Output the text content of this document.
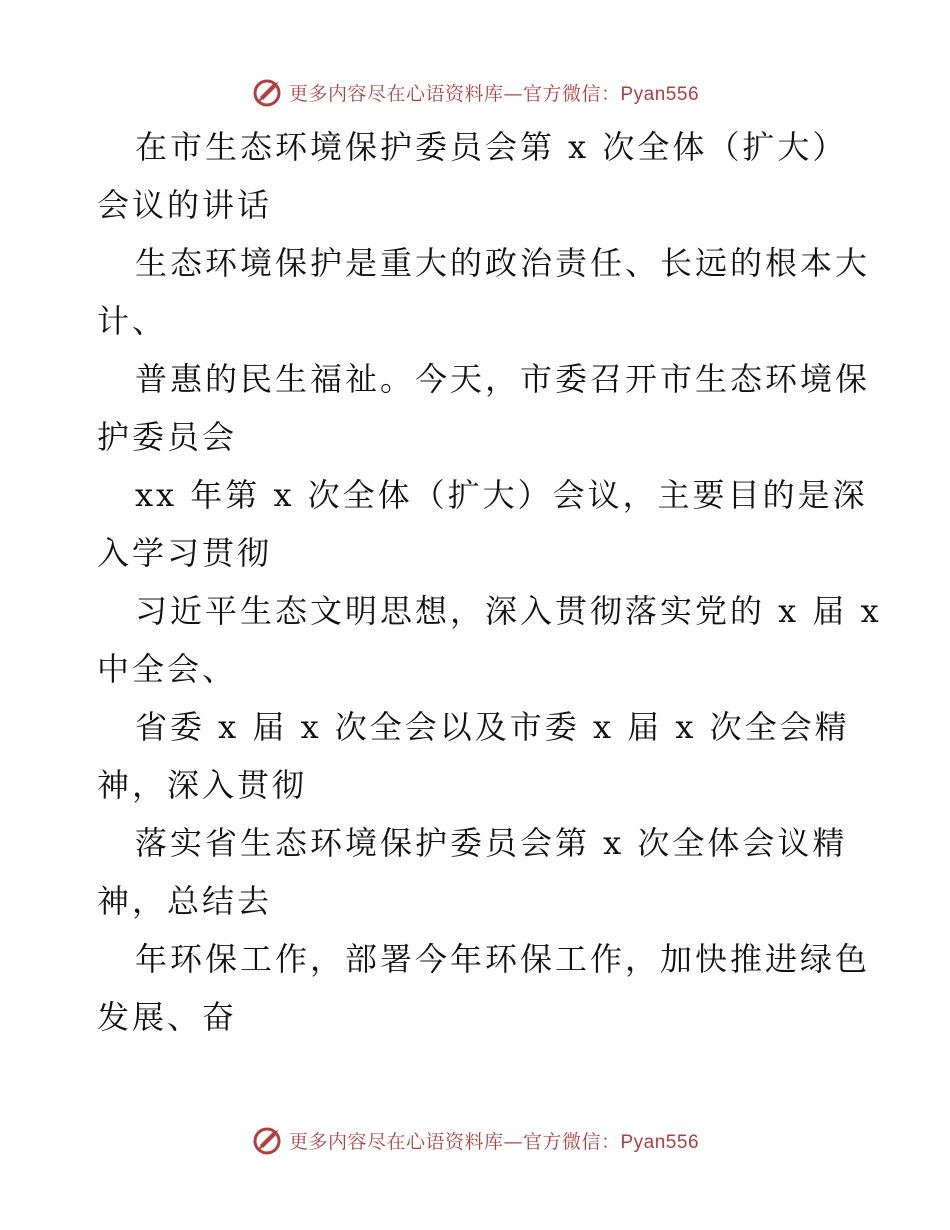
更多内容尽在心语资料库—官方微信：Pyan556
在市生态环境保护委员会第 x 次全体（扩大）
会议的讲话
生态环境保护是重大的政治责任、长远的根本大
计、
普惠的民生福祉。今天，市委召开市生态环境保
护委员会
xx 年第 x 次全体（扩大）会议，主要目的是深
入学习贯彻
习近平生态文明思想，深入贯彻落实党的 x 届 x
中全会、
省委 x 届 x 次全会以及市委 x 届 x 次全会精
神，深入贯彻
落实省生态环境保护委员会第 x 次全体会议精
神，总结去
年环保工作，部署今年环保工作，加快推进绿色
发展、奋
更多内容尽在心语资料库—官方微信：Pyan556
